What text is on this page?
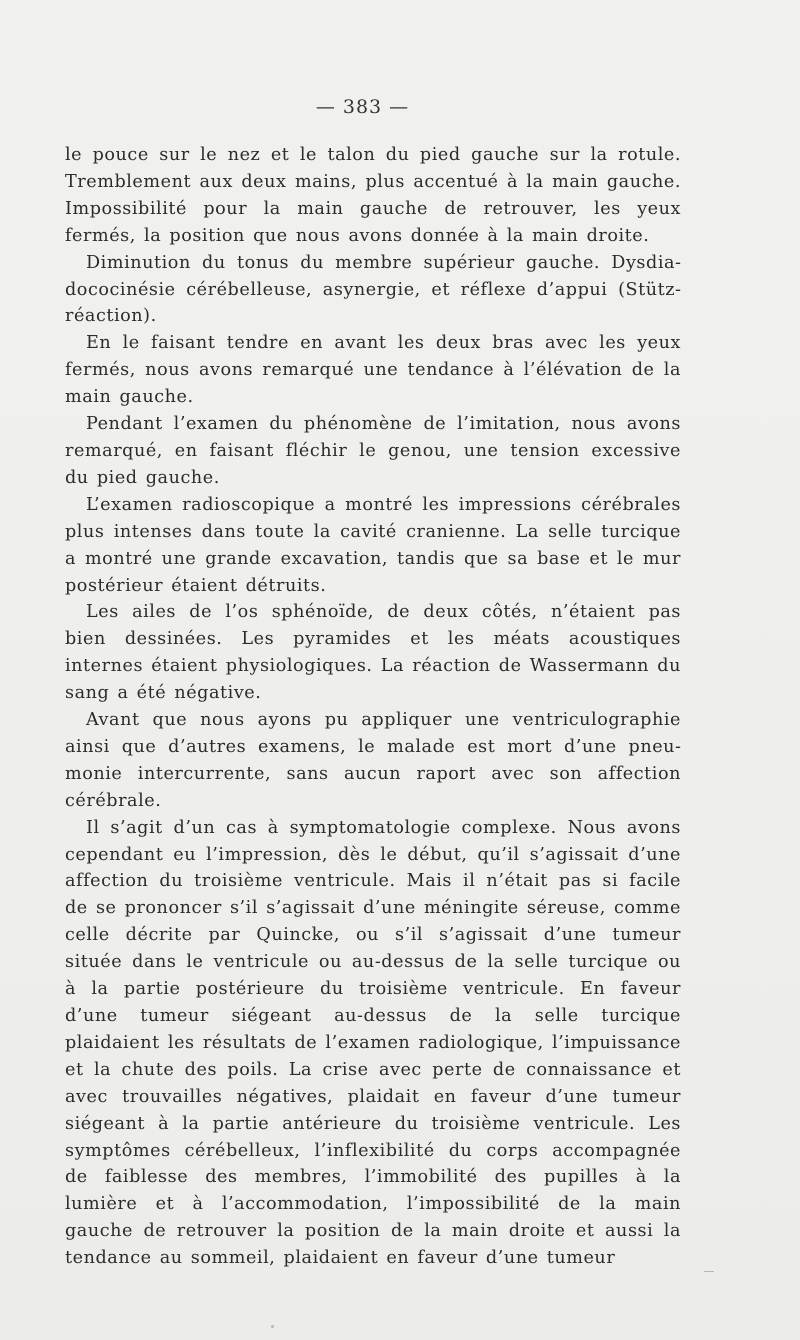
— 383 —

le pouce sur le nez et le talon du pied gauche sur la rotule. Tremblement aux deux mains, plus accentué à la main gauche. Impossibilité pour la main gauche de retrouver, les yeux fermés, la position que nous avons donnée à la main droite.

Diminution du tonus du membre supérieur gauche. Dysdiadococinésie cérébelleuse, asynergie, et réflexe d’appui (Stützréaction).

En le faisant tendre en avant les deux bras avec les yeux fermés, nous avons remarqué une tendance à l’élévation de la main gauche.

Pendant l’examen du phénomène de l’imitation, nous avons remarqué, en faisant fléchir le genou, une tension excessive du pied gauche.

L’examen radioscopique a montré les impressions cérébrales plus intenses dans toute la cavité cranienne. La selle turcique a montré une grande excavation, tandis que sa base et le mur postérieur étaient détruits.

Les ailes de l’os sphénoïde, de deux côtés, n’étaient pas bien dessinées. Les pyramides et les méats acoustiques internes étaient physiologiques. La réaction de Wassermann du sang a été négative.

Avant que nous ayons pu appliquer une ventriculographie ainsi que d’autres examens, le malade est mort d’une pneumonie intercurrente, sans aucun raport avec son affection cérébrale.

Il s’agit d’un cas à symptomatologie complexe. Nous avons cependant eu l’impression, dès le début, qu’il s’agissait d’une affection du troisième ventricule. Mais il n’était pas si facile de se prononcer s’il s’agissait d’une méningite séreuse, comme celle décrite par Quincke, ou s’il s’agissait d’une tumeur située dans le ventricule ou au-dessus de la selle turcique ou à la partie postérieure du troisième ventricule. En faveur d’une tumeur siégeant au-dessus de la selle turcique plaidaient les résultats de l’examen radiologique, l’impuissance et la chute des poils. La crise avec perte de connaissance et avec trouvailles négatives, plaidait en faveur d’une tumeur siégeant à la partie antérieure du troisième ventricule. Les symptômes cérébelleux, l’inflexibilité du corps accompagnée de faiblesse des membres, l’immobilité des pupilles à la lumière et à l’accommodation, l’impossibilité de la main gauche de retrouver la position de la main droite et aussi la tendance au sommeil, plaidaient en faveur d’une tumeur
